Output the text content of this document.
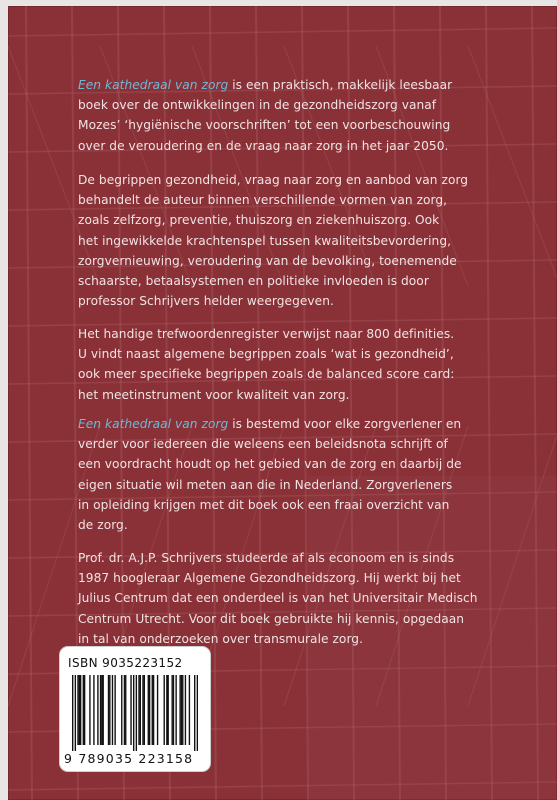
Een kathedraal van zorg is een praktisch, makkelijk leesbaar

boek over de ontwikkelingen in de gezondheidszorg vanaf

Mozes’ ‘hygiënische voorschriften’ tot een voorbeschouwing

over de veroudering en de vraag naar zorg in het jaar 2050.

De begrippen gezondheid, vraag naar zorg en aanbod van zorg

behandelt de auteur binnen verschillende vormen van zorg,

zoals zelfzorg, preventie, thuiszorg en ziekenhuiszorg. Ook

het ingewikkelde krachtenspel tussen kwaliteitsbevordering,

zorgvernieuwing, veroudering van de bevolking, toenemende

schaarste, betaalsystemen en politieke invloeden is door

professor Schrijvers helder weergegeven.

Het handige trefwoordenregister verwijst naar 800 definities.

U vindt naast algemene begrippen zoals ‘wat is gezondheid’,

ook meer specifieke begrippen zoals de balanced score card:

het meetinstrument voor kwaliteit van zorg.

Een kathedraal van zorg is bestemd voor elke zorgverlener en

verder voor iedereen die weleens een beleidsnota schrijft of

een voordracht houdt op het gebied van de zorg en daarbij de

eigen situatie wil meten aan die in Nederland. Zorgverleners

in opleiding krijgen met dit boek ook een fraai overzicht van

de zorg.

Prof. dr. A.J.P. Schrijvers studeerde af als econoom en is sinds

1987 hoogleraar Algemene Gezondheidszorg. Hij werkt bij het

Julius Centrum dat een onderdeel is van het Universitair Medisch

Centrum Utrecht. Voor dit boek gebruikte hij kennis, opgedaan

in tal van onderzoeken over transmurale zorg.

ISBN 9035223152
9 789035 223158
